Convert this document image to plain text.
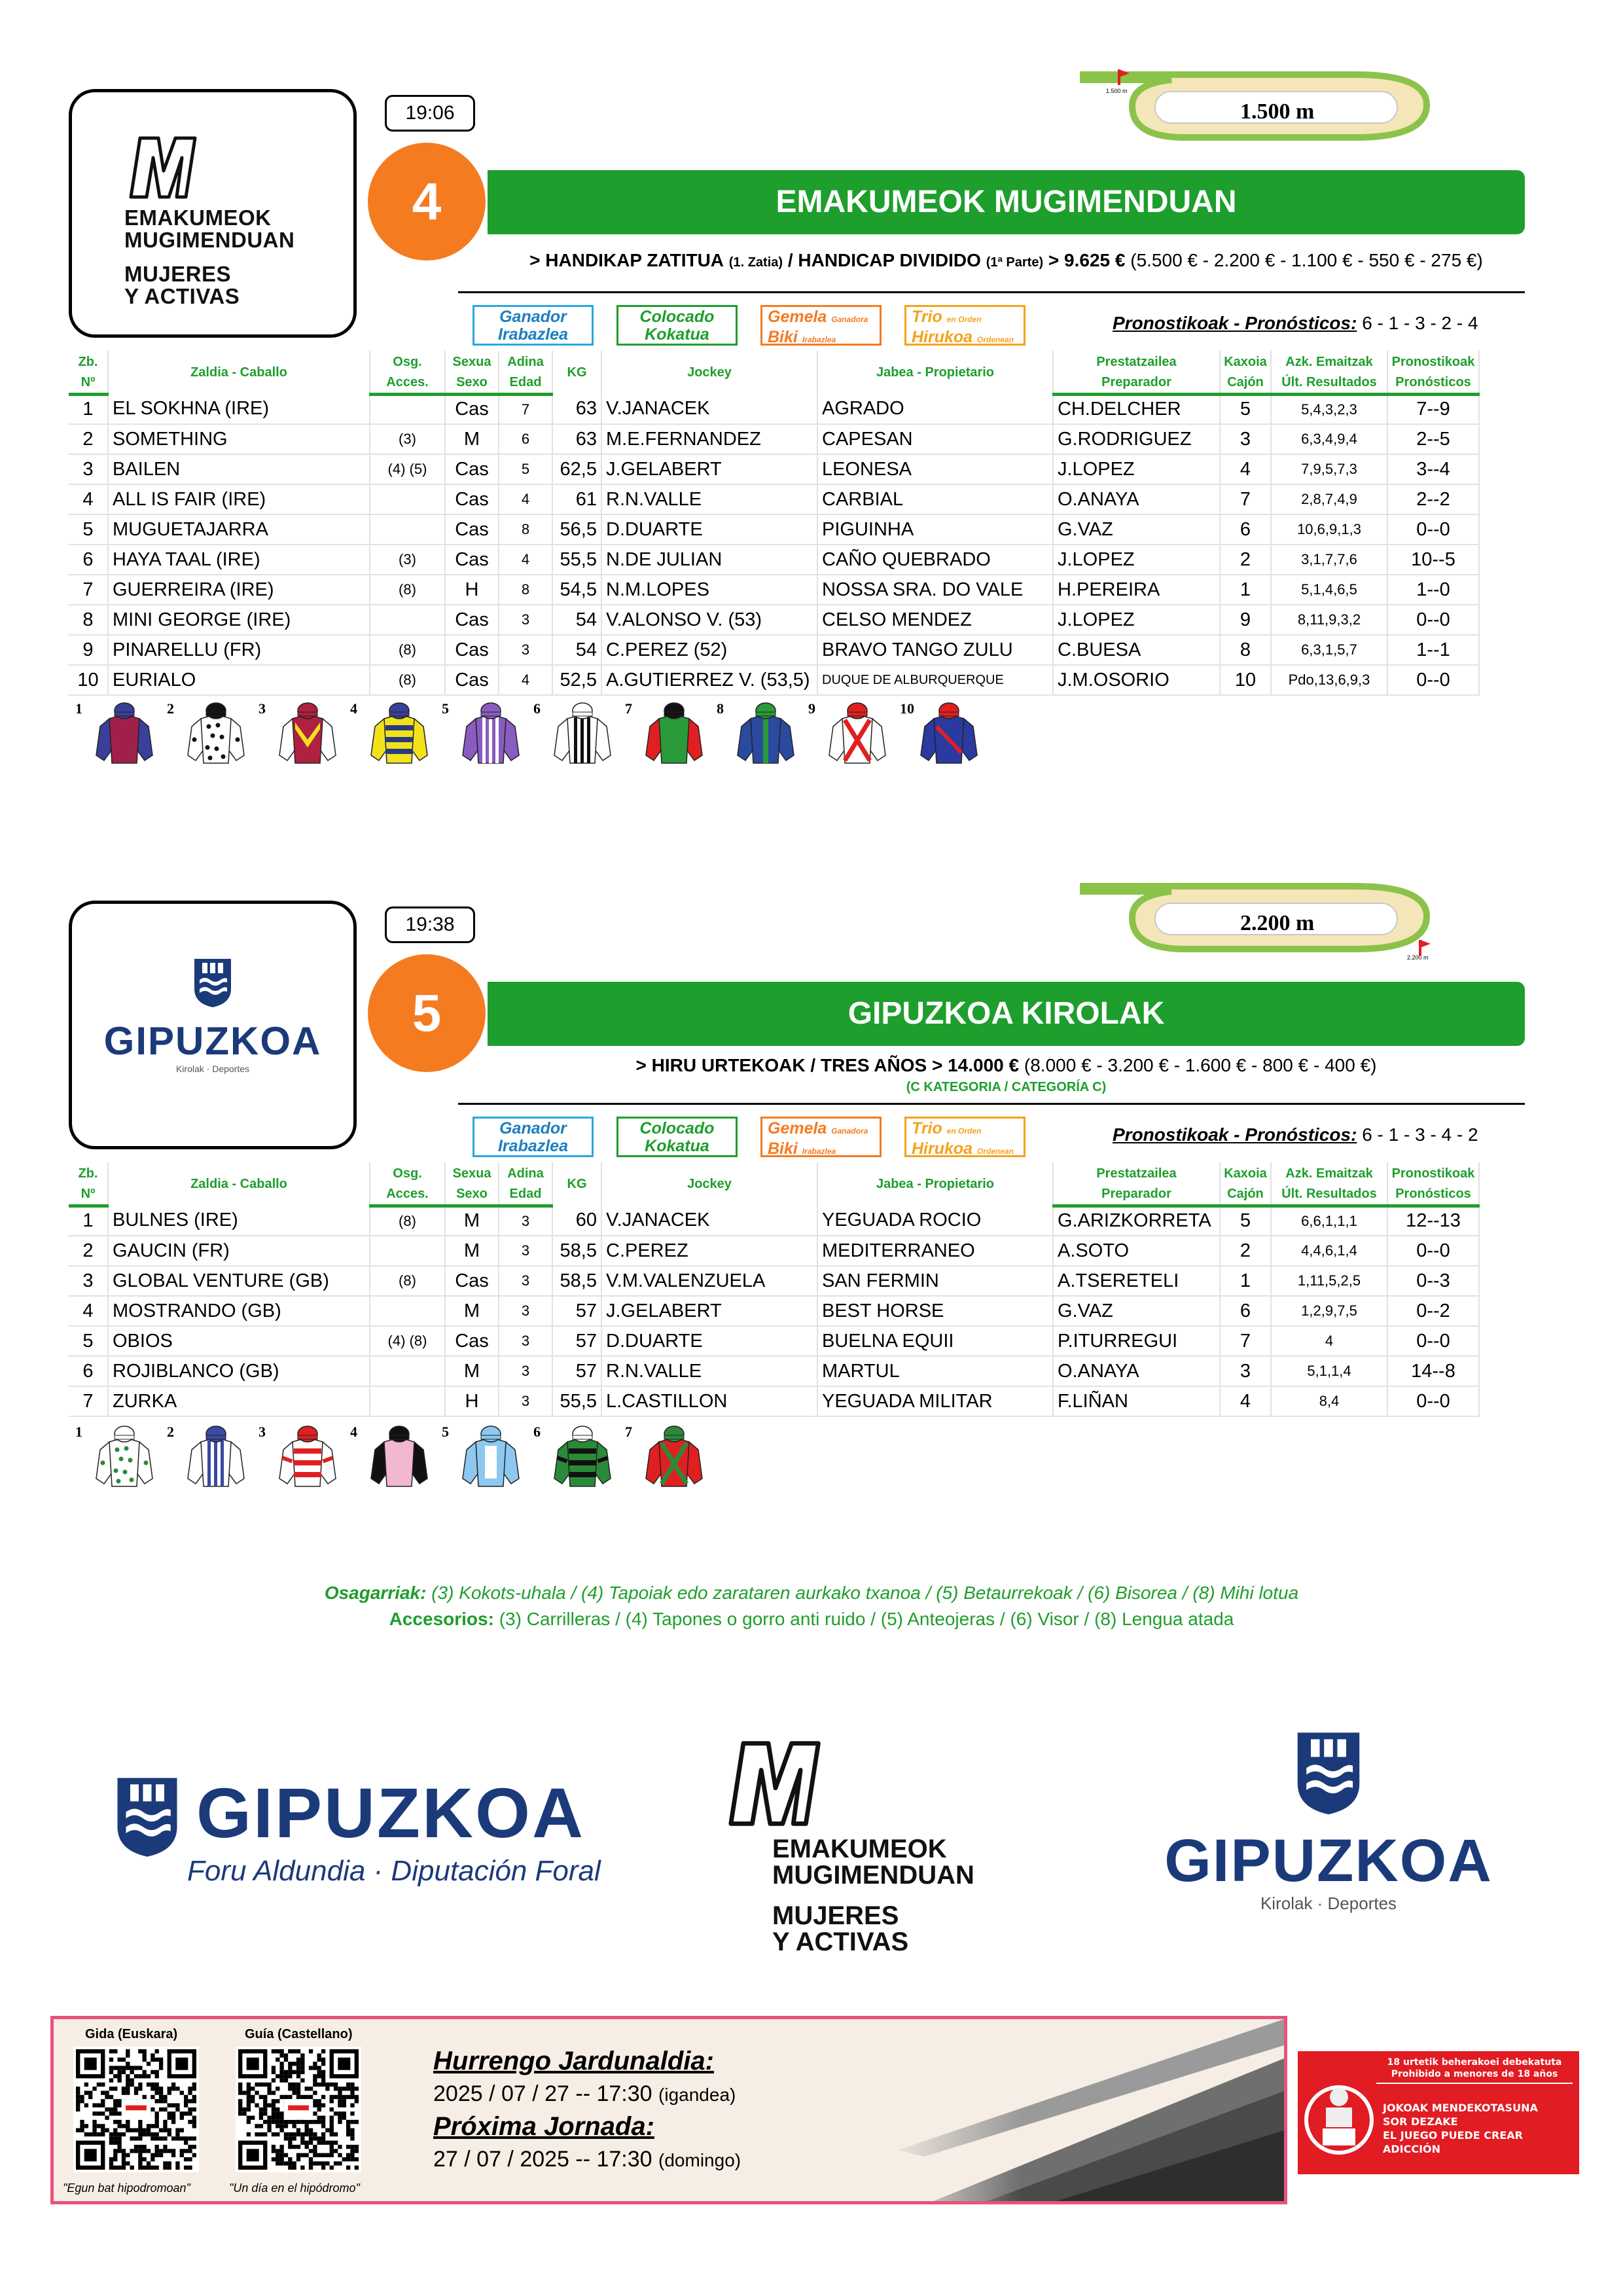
EMAKUMEOK
MUGIMENDUAN
MUJERES
Y ACTIVAS
19:06
4	EMAKUMEOK MUGIMENDUAN
1.500 m
1.500 m
> HANDIKAP ZATITUA (1. Zatia) / HANDICAP DIVIDIDO (1ª Parte) > 9.625 € (5.500 € - 2.200 € - 1.100 € - 550 € - 275 €)
Ganador
Irabazlea
Colocado
Kokatua
Gemela Ganadora
Biki Irabazlea
Trio en Orden
Hirukoa Ordenean
Pronostikoak - Pronósticos: 6 - 1 - 3 - 2 - 4
Zb.	Zaldia - Caballo	Osg.	Sexua	Adina	KG	Jockey	Jabea - Propietario	Prestatzailea	Kaxoia	Azk. Emaitzak	Pronostikoak
Nº		Acces.	Sexo	Edad				Preparador	Cajón	Últ. Resultados	Pronósticos
1	EL SOKHNA (IRE)		Cas	7	63	V.JANACEK	AGRADO	CH.DELCHER	5	5,4,3,2,3	7--9
2	SOMETHING	(3)	M	6	63	M.E.FERNANDEZ	CAPESAN	G.RODRIGUEZ	3	6,3,4,9,4	2--5
3	BAILEN	(4) (5)	Cas	5	62,5	J.GELABERT	LEONESA	J.LOPEZ	4	7,9,5,7,3	3--4
4	ALL IS FAIR (IRE)		Cas	4	61	R.N.VALLE	CARBIAL	O.ANAYA	7	2,8,7,4,9	2--2
5	MUGUETAJARRA		Cas	8	56,5	D.DUARTE	PIGUINHA	G.VAZ	6	10,6,9,1,3	0--0
6	HAYA TAAL (IRE)	(3)	Cas	4	55,5	N.DE JULIAN	CAÑO QUEBRADO	J.LOPEZ	2	3,1,7,7,6	10--5
7	GUERREIRA (IRE)	(8)	H	8	54,5	N.M.LOPES	NOSSA SRA. DO VALE	H.PEREIRA	1	5,1,4,6,5	1--0
8	MINI GEORGE (IRE)		Cas	3	54	V.ALONSO V. (53)	CELSO MENDEZ	J.LOPEZ	9	8,11,9,3,2	0--0
9	PINARELLU (FR)	(8)	Cas	3	54	C.PEREZ (52)	BRAVO TANGO ZULU	C.BUESA	8	6,3,1,5,7	1--1
10	EURIALO	(8)	Cas	4	52,5	A.GUTIERREZ V. (53,5)	DUQUE DE ALBURQUERQUE	J.M.OSORIO	10	Pdo,13,6,9,3	0--0
1	2	3	4	5	6	7	8	9	10
GIPUZKOA
Kirolak · Deportes
19:38
5	GIPUZKOA KIROLAK
2.200 m
2.200 m
> HIRU URTEKOAK / TRES AÑOS > 14.000 € (8.000 € - 3.200 € - 1.600 € - 800 € - 400 €)
(C KATEGORIA / CATEGORÍA C)
Ganador
Irabazlea
Colocado
Kokatua
Gemela Ganadora
Biki Irabazlea
Trio en Orden
Hirukoa Ordenean
Pronostikoak - Pronósticos: 6 - 1 - 3 - 4 - 2
Zb.	Zaldia - Caballo	Osg.	Sexua	Adina	KG	Jockey	Jabea - Propietario	Prestatzailea	Kaxoia	Azk. Emaitzak	Pronostikoak
Nº		Acces.	Sexo	Edad				Preparador	Cajón	Últ. Resultados	Pronósticos
1	BULNES (IRE)	(8)	M	3	60	V.JANACEK	YEGUADA ROCIO	G.ARIZKORRETA	5	6,6,1,1,1	12--13
2	GAUCIN (FR)		M	3	58,5	C.PEREZ	MEDITERRANEO	A.SOTO	2	4,4,6,1,4	0--0
3	GLOBAL VENTURE (GB)	(8)	Cas	3	58,5	V.M.VALENZUELA	SAN FERMIN	A.TSERETELI	1	1,11,5,2,5	0--3
4	MOSTRANDO (GB)		M	3	57	J.GELABERT	BEST HORSE	G.VAZ	6	1,2,9,7,5	0--2
5	OBIOS	(4) (8)	Cas	3	57	D.DUARTE	BUELNA EQUII	P.ITURREGUI	7	4	0--0
6	ROJIBLANCO (GB)		M	3	57	R.N.VALLE	MARTUL	O.ANAYA	3	5,1,1,4	14--8
7	ZURKA		H	3	55,5	L.CASTILLON	YEGUADA MILITAR	F.LIÑAN	4	8,4	0--0
1	2	3	4	5	6	7
Osagarriak: (3) Kokots-uhala / (4) Tapoiak edo zarataren aurkako txanoa / (5) Betaurrekoak / (6) Bisorea / (8) Mihi lotua
Accesorios: (3) Carrilleras / (4) Tapones o gorro anti ruido / (5) Anteojeras / (6) Visor / (8) Lengua atada
GIPUZKOA
Foru Aldundia · Diputación Foral
EMAKUMEOK
MUGIMENDUAN
MUJERES
Y ACTIVAS
GIPUZKOA
Kirolak · Deportes
Gida (Euskara)	Guía (Castellano)
"Egun bat hipodromoan"	"Un día en el hipódromo"
Hurrengo Jardunaldia:
2025 / 07 / 27 -- 17:30 (igandea)
Próxima Jornada:
27 / 07 / 2025 -- 17:30 (domingo)
18 urtetik beherakoei debekatuta
Prohibido a menores de 18 años
JOKOAK MENDEKOTASUNA
SOR DEZAKE
EL JUEGO PUEDE CREAR
ADICCIÓN
